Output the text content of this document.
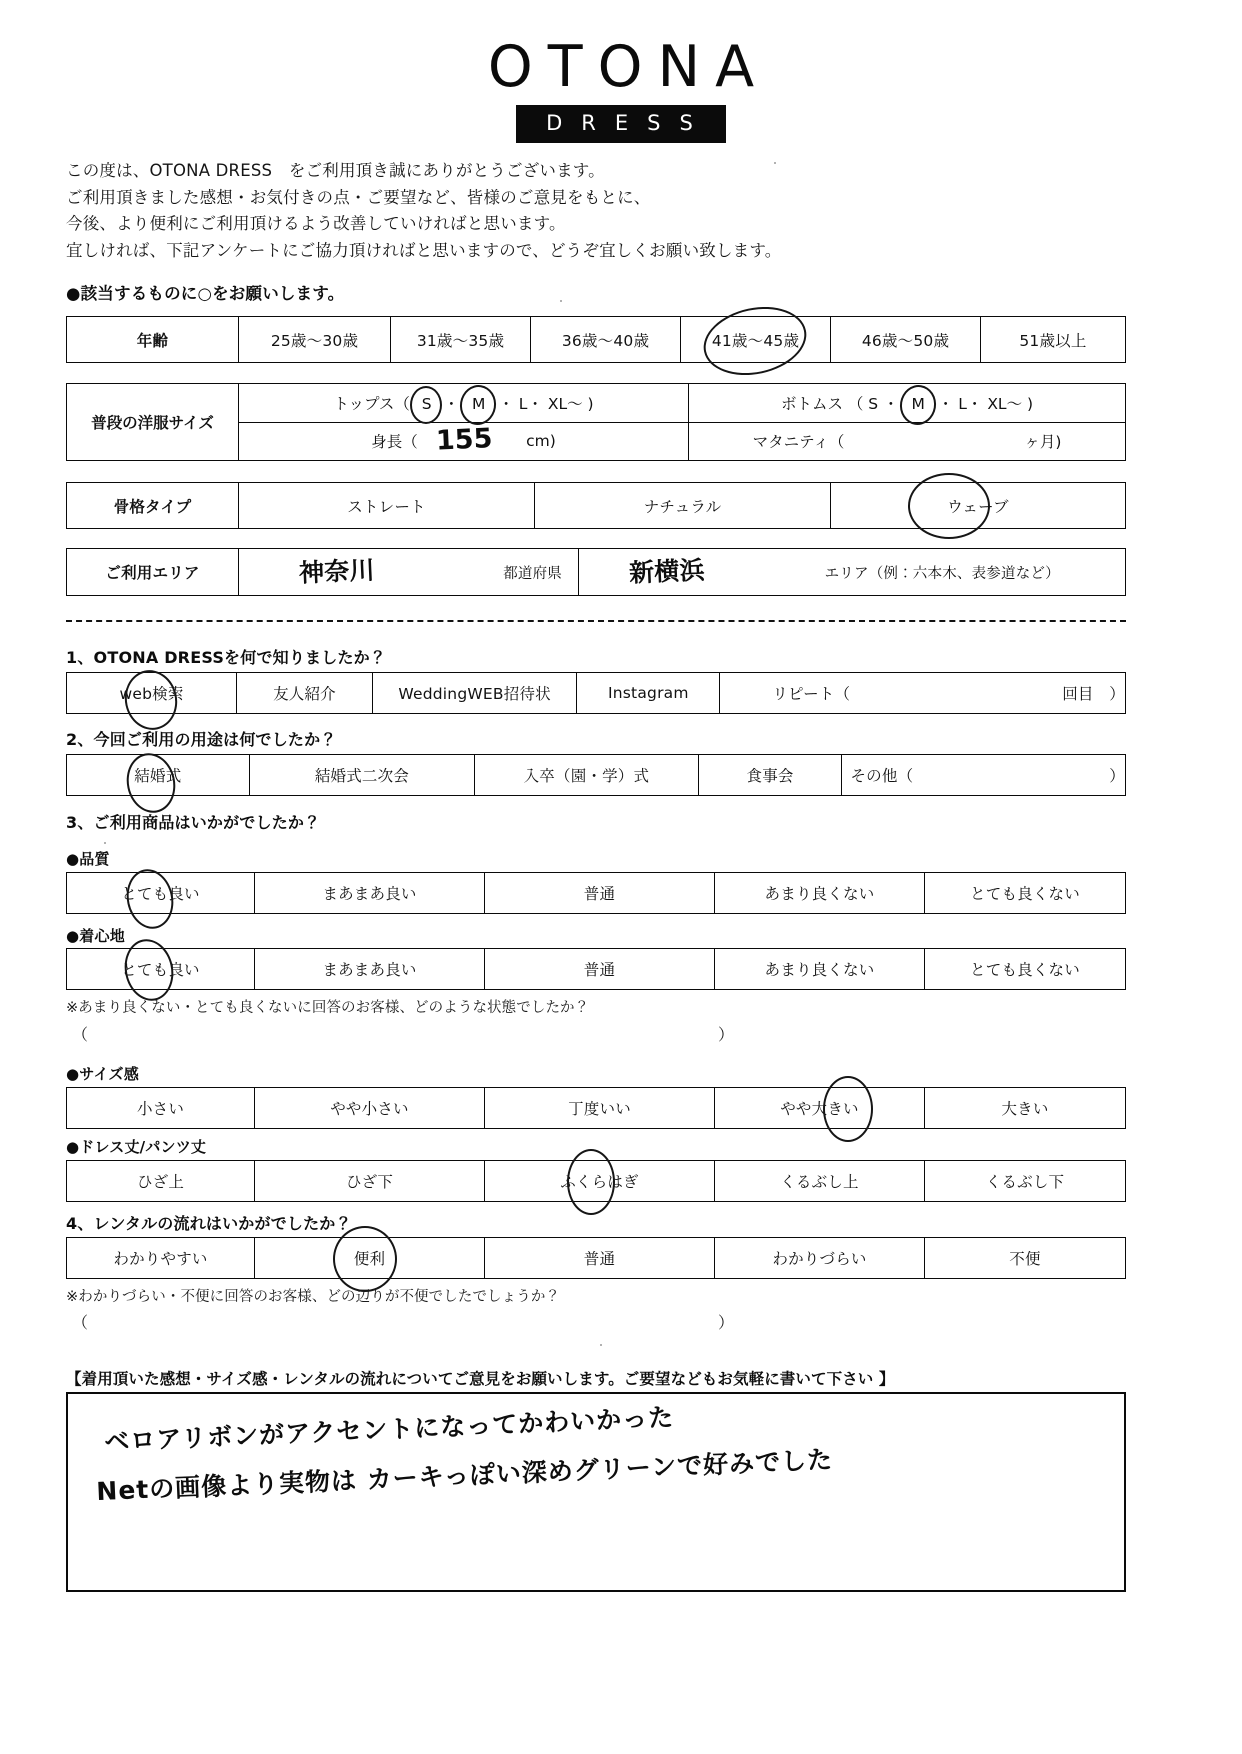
OTONA
DRESS
この度は、OTONA DRESS　をご利用頂き誠にありがとうございます。
ご利用頂きました感想・お気付きの点・ご要望など、皆様のご意見をもとに、
今後、より便利にご利用頂けるよう改善していければと思います。
宜しければ、下記アンケートにご協力頂ければと思いますので、どうぞ宜しくお願い致します。
●該当するものに○をお願いします。
年齢	25歳～30歳	31歳～35歳	36歳～40歳	41歳～45歳	46歳～50歳	51歳以上
普段の洋服サイズ
トップス（ S ・ M ・ L・ XL～ )	ボトムス （ S ・ M ・ L・ XL～ )
身長（ 155	cm)	マタニティ（	ヶ月)
骨格タイプ	ストレート	ナチュラル	ウェーブ
ご利用エリア	神奈川	都道府県	新横浜	エリア（例：六本木、表参道など）
1、OTONA DRESSを何で知りましたか？
web検索	友人紹介	WeddingWEB招待状	Instagram	リピート（	回目　）
2、今回ご利用の用途は何でしたか？
結婚式	結婚式二次会	入卒（園・学）式	食事会	その他（	）
3、ご利用商品はいかがでしたか？
●品質
とても良い	まあまあ良い	普通	あまり良くない	とても良くない
●着心地
とても良い	まあまあ良い	普通	あまり良くない	とても良くない
※あまり良くない・とても良くないに回答のお客様、どのような状態でしたか？
（	）
●サイズ感
小さい	やや小さい	丁度いい	やや大きい	大きい
●ドレス丈/パンツ丈
ひざ上	ひざ下	ふくらはぎ	くるぶし上	くるぶし下
4、レンタルの流れはいかがでしたか？
わかりやすい	便利	普通	わかりづらい	不便
※わかりづらい・不便に回答のお客様、どの辺りが不便でしたでしょうか？
（	）
【着用頂いた感想・サイズ感・レンタルの流れについてご意見をお願いします。ご要望などもお気軽に書いて下さい 】
ベロアリボンがアクセントになってかわいかった
Netの画像より実物は カーキっぽい深めグリーンで好みでした
